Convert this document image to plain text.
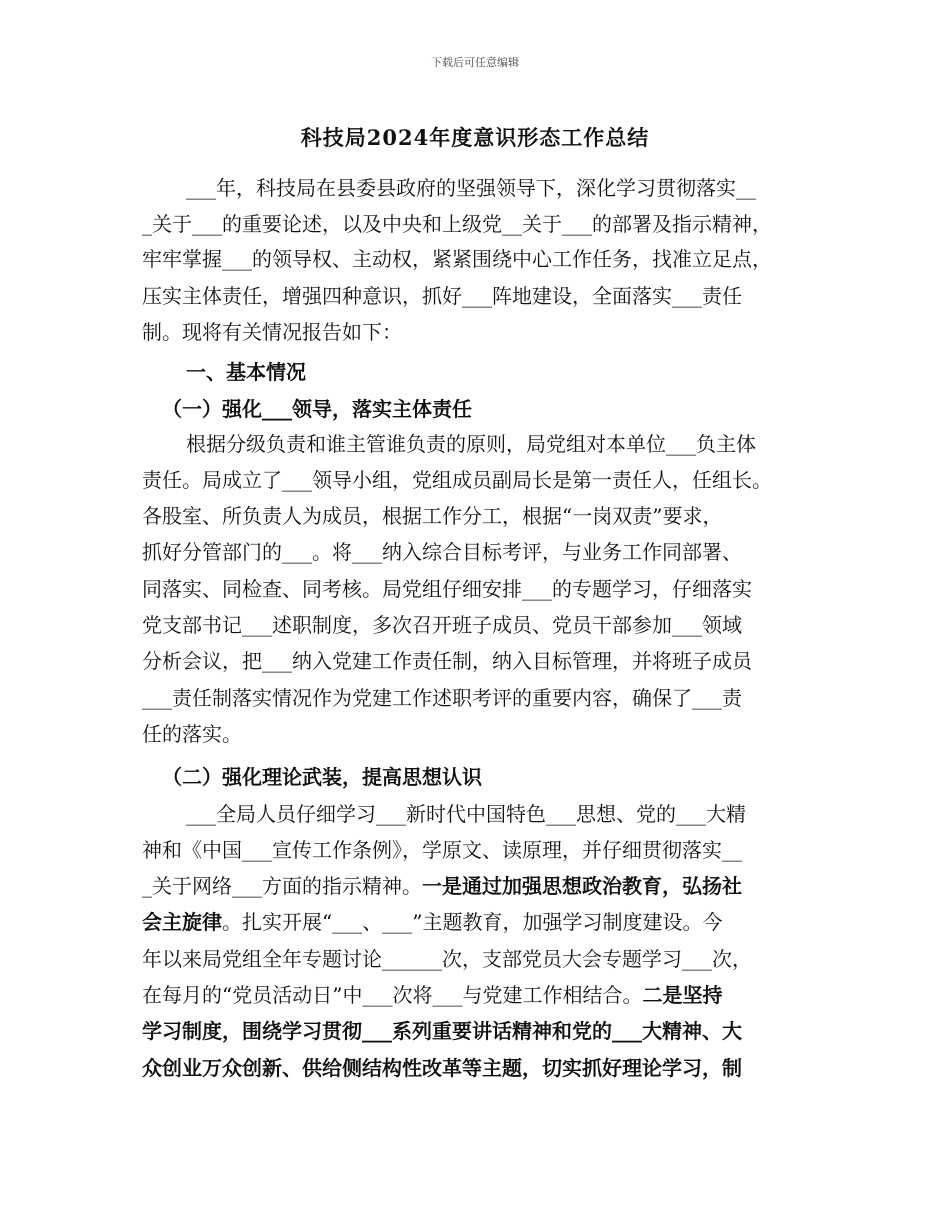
下载后可任意编辑
科技局2024年度意识形态工作总结
___年，科技局在县委县政府的坚强领导下，深化学习贯彻落实__
_关于___的重要论述，以及中央和上级党__关于___的部署及指示精神，
牢牢掌握___的领导权、主动权，紧紧围绕中心工作任务，找准立足点，
压实主体责任，增强四种意识，抓好___阵地建设，全面落实___责任
制。现将有关情况报告如下：
一、基本情况
（一）强化___领导，落实主体责任
根据分级负责和谁主管谁负责的原则，局党组对本单位___负主体
责任。局成立了___领导小组，党组成员副局长是第一责任人，任组长。
各股室、所负责人为成员，根据工作分工，根据“一岗双责”要求，
抓好分管部门的___。将___纳入综合目标考评，与业务工作同部署、
同落实、同检查、同考核。局党组仔细安排___的专题学习，仔细落实
党支部书记___述职制度，多次召开班子成员、党员干部参加___领域
分析会议，把___纳入党建工作责任制，纳入目标管理，并将班子成员
___责任制落实情况作为党建工作述职考评的重要内容，确保了___责
任的落实。
（二）强化理论武装，提高思想认识
___全局人员仔细学习___新时代中国特色___思想、党的___大精
神和《中国___宣传工作条例》，学原文、读原理，并仔细贯彻落实__
_关于网络___方面的指示精神。一是通过加强思想政治教育，弘扬社
会主旋律。扎实开展“___、___”主题教育，加强学习制度建设。今
年以来局党组全年专题讨论______次，支部党员大会专题学习___次，
在每月的“党员活动日”中___次将___与党建工作相结合。二是坚持
学习制度，围绕学习贯彻___系列重要讲话精神和党的___大精神、大
众创业万众创新、供给侧结构性改革等主题，切实抓好理论学习，制
